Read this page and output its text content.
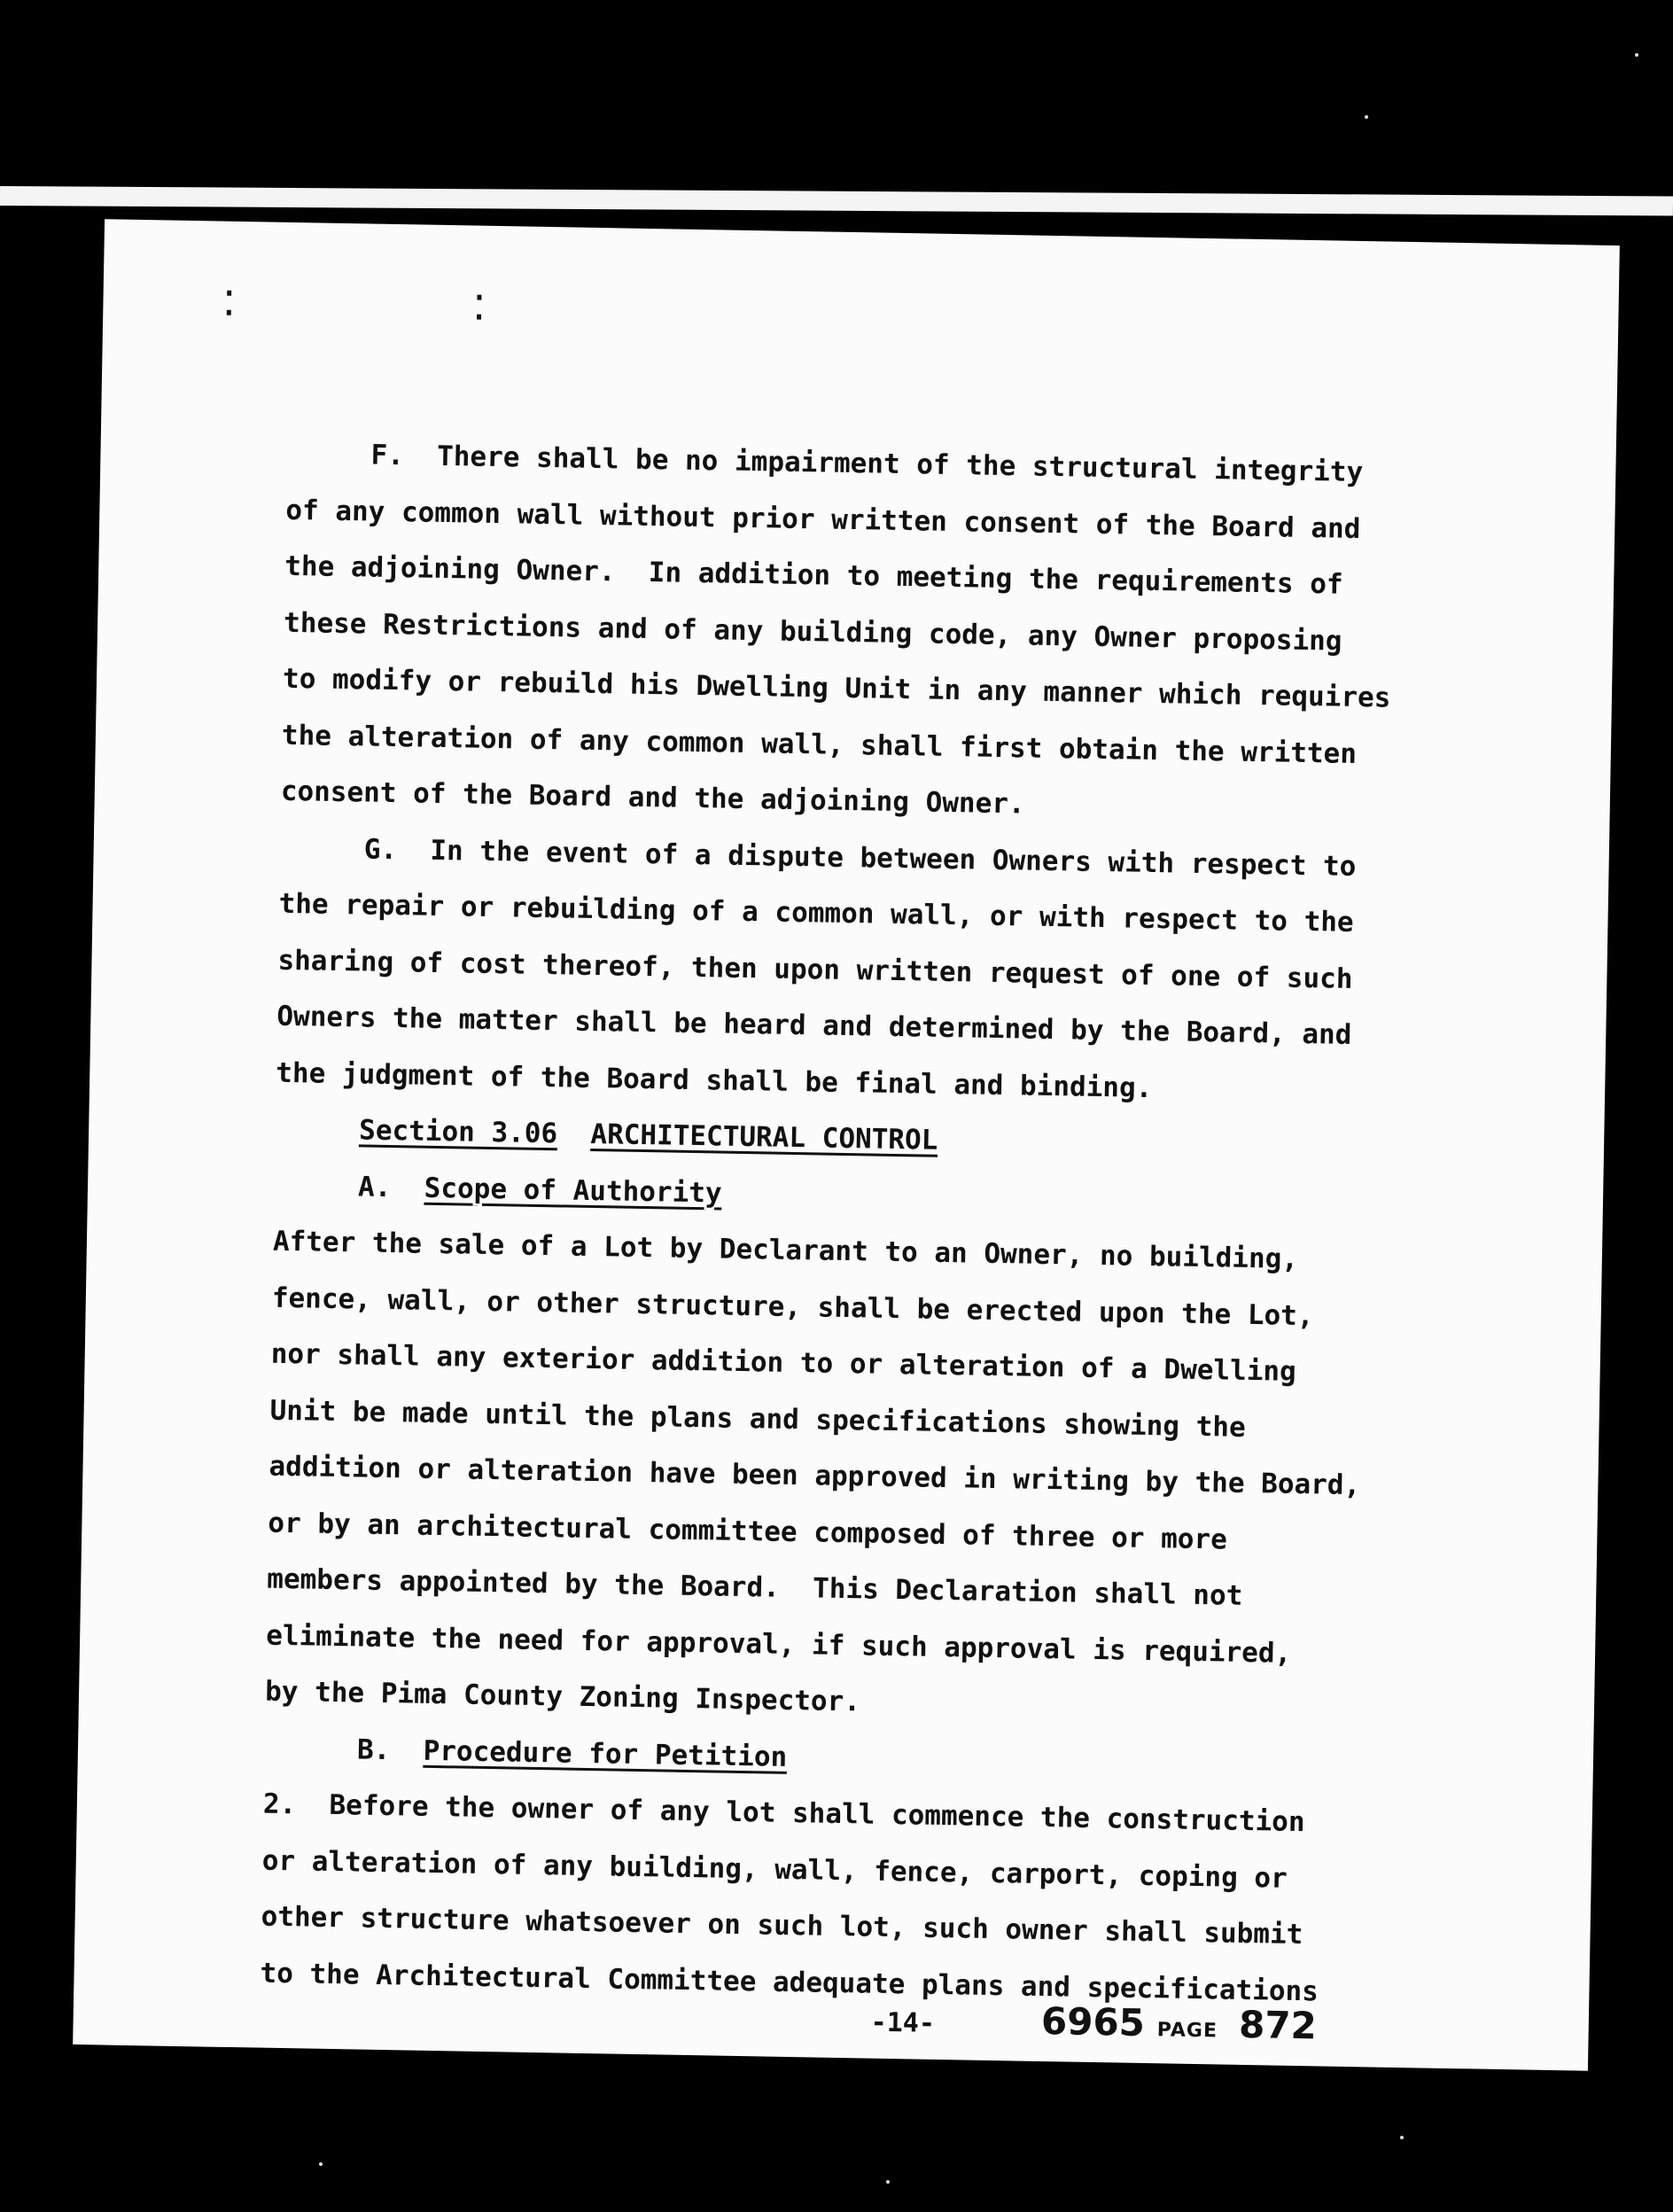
.  .
.  .
F.  There shall be no impairment of the structural integrity
of any common wall without prior written consent of the Board and
the adjoining Owner.  In addition to meeting the requirements of
these Restrictions and of any building code, any Owner proposing
to modify or rebuild his Dwelling Unit in any manner which requires
the alteration of any common wall, shall first obtain the written
consent of the Board and the adjoining Owner.
G.  In the event of a dispute between Owners with respect to
the repair or rebuilding of a common wall, or with respect to the
sharing of cost thereof, then upon written request of one of such
Owners the matter shall be heard and determined by the Board, and
the judgment of the Board shall be final and binding.
Section 3.06 ARCHITECTURAL CONTROL
A. Scope of Authority
After the sale of a Lot by Declarant to an Owner, no building,
fence, wall, or other structure, shall be erected upon the Lot,
nor shall any exterior addition to or alteration of a Dwelling
Unit be made until the plans and specifications showing the
addition or alteration have been approved in writing by the Board,
or by an architectural committee composed of three or more
members appointed by the Board.  This Declaration shall not
eliminate the need for approval, if such approval is required,
by the Pima County Zoning Inspector.
B. Procedure for Petition
2.  Before the owner of any lot shall commence the construction
or alteration of any building, wall, fence, carport, coping or
other structure whatsoever on such lot, such owner shall submit
to the Architectural Committee adequate plans and specifications
-14-	6965 PAGE 872
